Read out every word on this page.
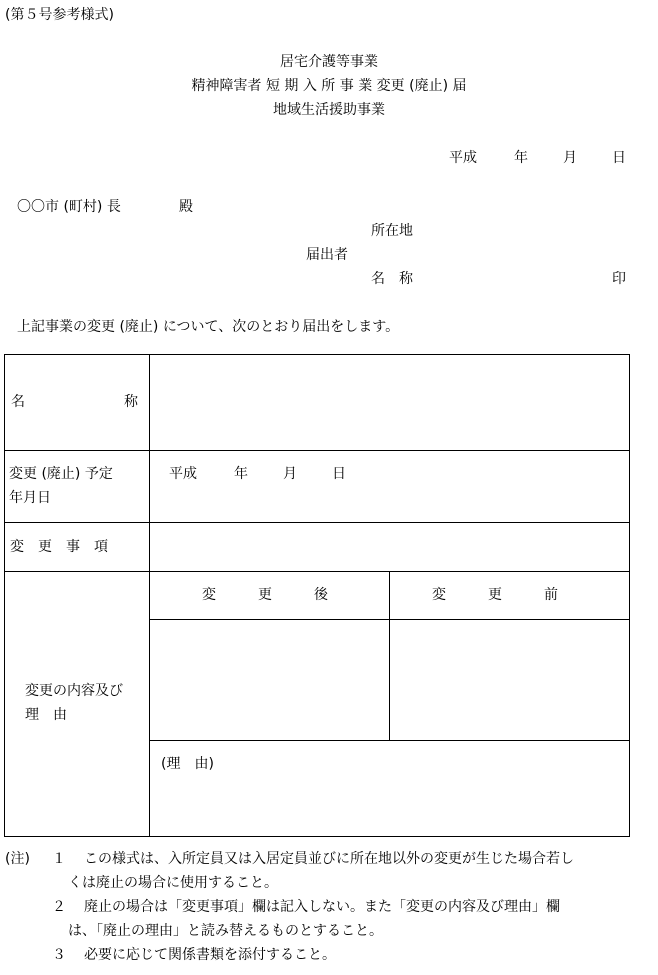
(第５号参考様式)
居宅介護等事業
精神障害者 短 期 入 所 事 業 変更 (廃止) 届
地域生活援助事業
平成	年	月	日
〇〇市 (町村) 長	殿
所在地
届出者
名　称	印
上記事業の変更 (廃止) について、次のとおり届出をします。
名 称		

変更 (廃止) 予定
年月日	平成 年 月 日	

変　更　事　項		

変更の内容及び
理　由	変　　　更　　　後	変　　　更　　　前

	(理　由)	
(注) １ この様式は、入所定員又は入居定員並びに所在地以外の変更が生じた場合若し
くは廃止の場合に使用すること。
２ 廃止の場合は「変更事項」欄は記入しない。また「変更の内容及び理由」欄
は、「廃止の理由」と読み替えるものとすること。
３ 必要に応じて関係書類を添付すること。
